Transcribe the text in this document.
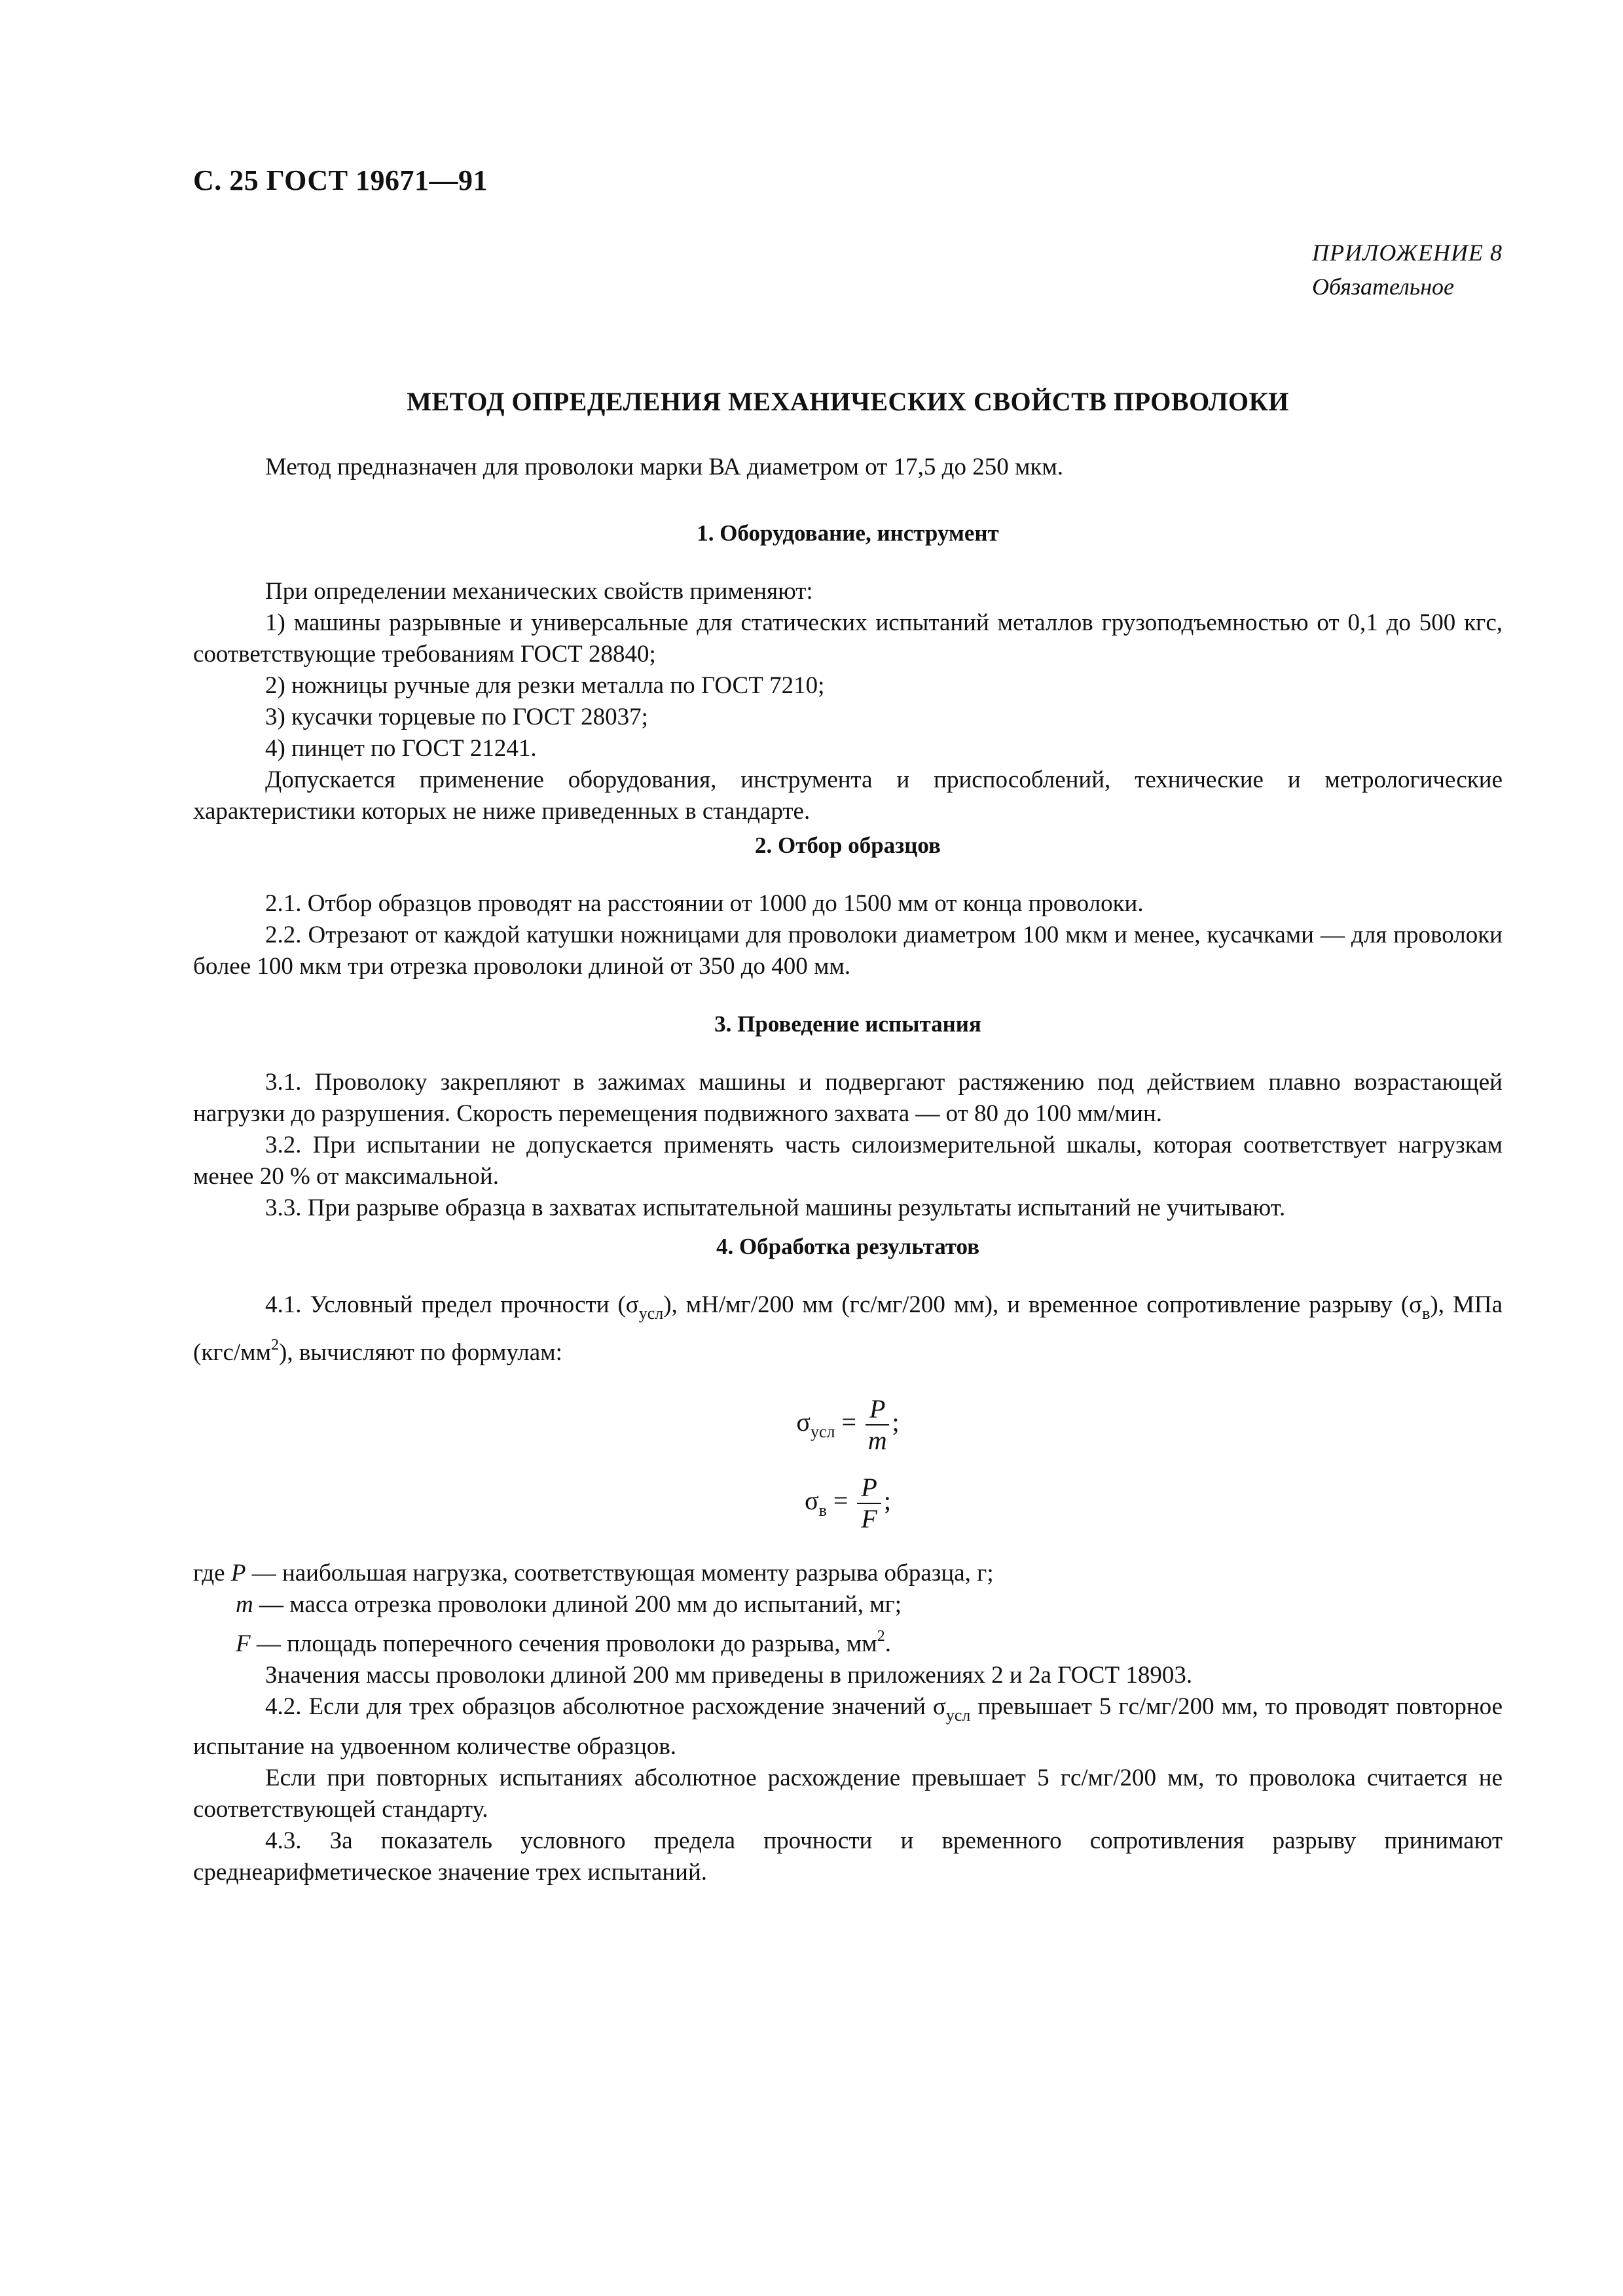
С. 25 ГОСТ 19671—91
ПРИЛОЖЕНИЕ 8
Обязательное
МЕТОД ОПРЕДЕЛЕНИЯ МЕХАНИЧЕСКИХ СВОЙСТВ ПРОВОЛОКИ
Метод предназначен для проволоки марки ВА диаметром от 17,5 до 250 мкм.
1. Оборудование, инструмент

При определении механических свойств применяют:

1) машины разрывные и универсальные для статических испытаний металлов грузоподъемностью от 0,1 до 500 кгс, соответствующие требованиям ГОСТ 28840;

2) ножницы ручные для резки металла по ГОСТ 7210;

3) кусачки торцевые по ГОСТ 28037;

4) пинцет по ГОСТ 21241.

Допускается применение оборудования, инструмента и приспособлений, технические и метрологические характеристики которых не ниже приведенных в стандарте.

2. Отбор образцов

2.1. Отбор образцов проводят на расстоянии от 1000 до 1500 мм от конца проволоки.

2.2. Отрезают от каждой катушки ножницами для проволоки диаметром 100 мкм и менее, кусачками — для проволоки более 100 мкм три отрезка проволоки длиной от 350 до 400 мм.

3. Проведение испытания

3.1. Проволоку закрепляют в зажимах машины и подвергают растяжению под действием плавно возрастающей нагрузки до разрушения. Скорость перемещения подвижного захвата — от 80 до 100 мм/мин.

3.2. При испытании не допускается применять часть силоизмерительной шкалы, которая соответствует нагрузкам менее 20 % от максимальной.

3.3. При разрыве образца в захватах испытательной машины результаты испытаний не учитывают.

4. Обработка результатов

4.1. Условный предел прочности $(\sigma_{усл})$, мН/мг/200 мм (гс/мг/200 мм), и временное сопротивление разрыву $(\sigma_в)$, МПа $(кгс/мм^2)$, вычисляют по формулам:

$\sigma_{усл} = \frac{P}{m}$ ;
$\sigma_в = \frac{P}{F}$ ;

где P — наибольшая нагрузка, соответствующая моменту разрыва образца, г;

m — масса отрезка проволоки длиной 200 мм до испытаний, мг;

F — площадь поперечного сечения проволоки до разрыва, $мм^2$.

Значения массы проволоки длиной 200 мм приведены в приложениях 2 и 2а ГОСТ 18903.

4.2. Если для трех образцов абсолютное расхождение значений $\sigma_{усл}$ превышает 5 гс/мг/200 мм, то проводят повторное испытание на удвоенном количестве образцов.

Если при повторных испытаниях абсолютное расхождение превышает 5 гс/мг/200 мм, то проволока считается не соответствующей стандарту.

4.3. За показатель условного предела прочности и временного сопротивления разрыву принимают среднеарифметическое значение трех испытаний.
